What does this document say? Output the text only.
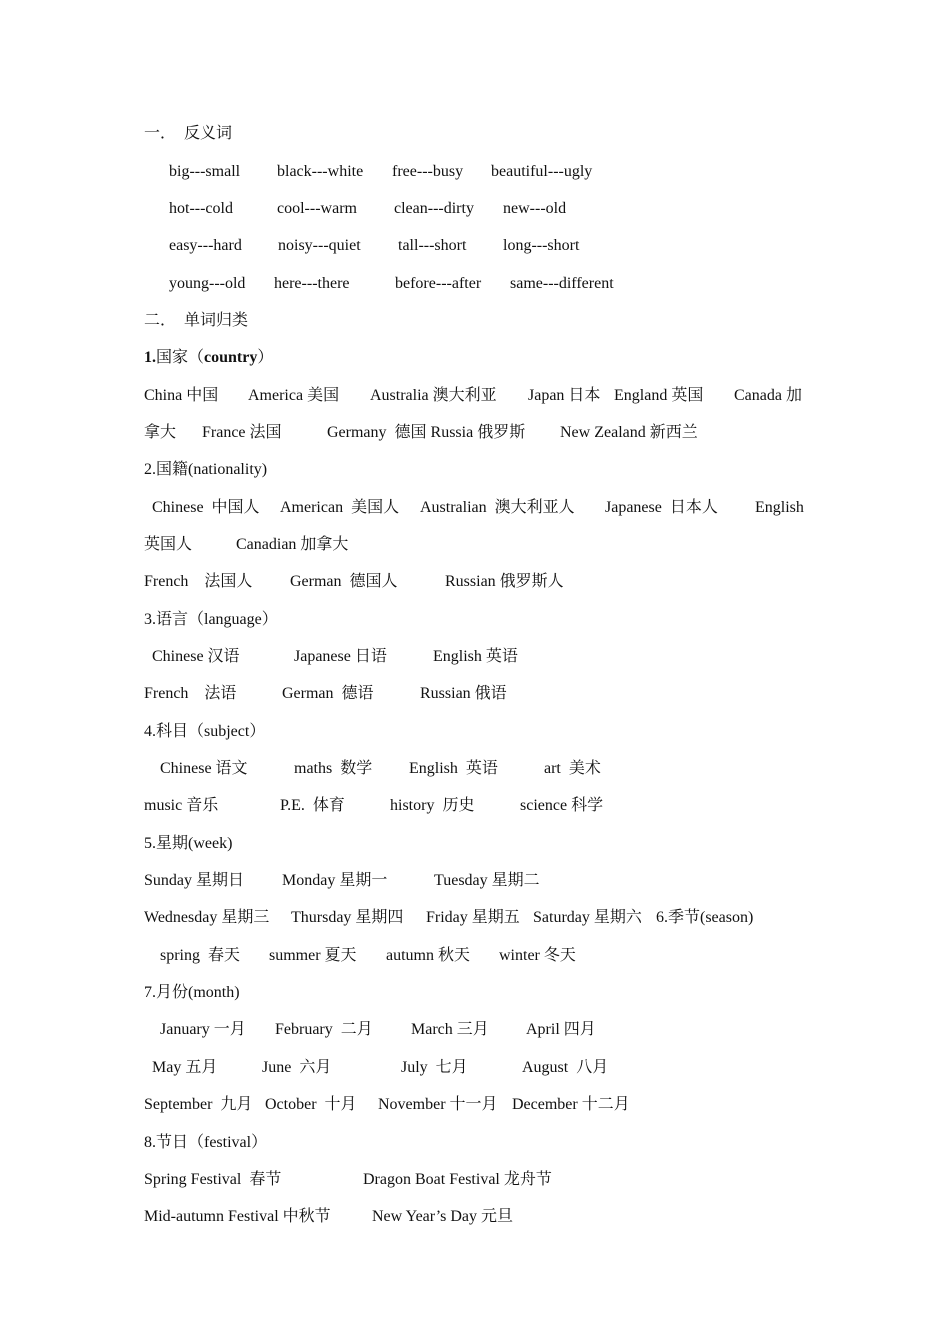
一．  反义词
big---small black---white free---busy beautiful---ugly
hot---cold	cool---warm clean---dirty new---old
easy---hard noisy---quiet tall---short long---short
young---old here---there	before---after same---different
二．  单词归类
1.国家（country）
China 中国 America 美国 Australia 澳大利亚 Japan 日本 England 英国 Canada 加
拿大 France 法国	Germany  德国 Russia 俄罗斯 New Zealand 新西兰
2.国籍(nationality)
Chinese  中国人 American  美国人 Australian  澳大利亚人 Japanese  日本人 English
英国人	Canadian 加拿大
French    法国人 German  德国人	Russian 俄罗斯人
3.语言（language）
Chinese 汉语	Japanese 日语	English 英语
French    法语	German  德语	Russian 俄语
4.科目（subject）
Chinese 语文	maths  数学 English  英语	art  美术
music 音乐	P.E.  体育	history  历史	science 科学
5.星期(week)
Sunday 星期日 Monday 星期一	Tuesday 星期二
Wednesday 星期三 Thursday 星期四 Friday 星期五 Saturday 星期六 6.季节(season)
spring  春天 summer 夏天 autumn 秋天 winter 冬天
7.月份(month)
January 一月 February  二月 March 三月 April 四月
May 五月	June  六月	July  七月	August  八月
September  九月 October  十月 November 十一月 December 十二月
8.节日（festival）
Spring Festival  春节	Dragon Boat Festival 龙舟节
Mid-autumn Festival 中秋节	New Year’s Day 元旦
